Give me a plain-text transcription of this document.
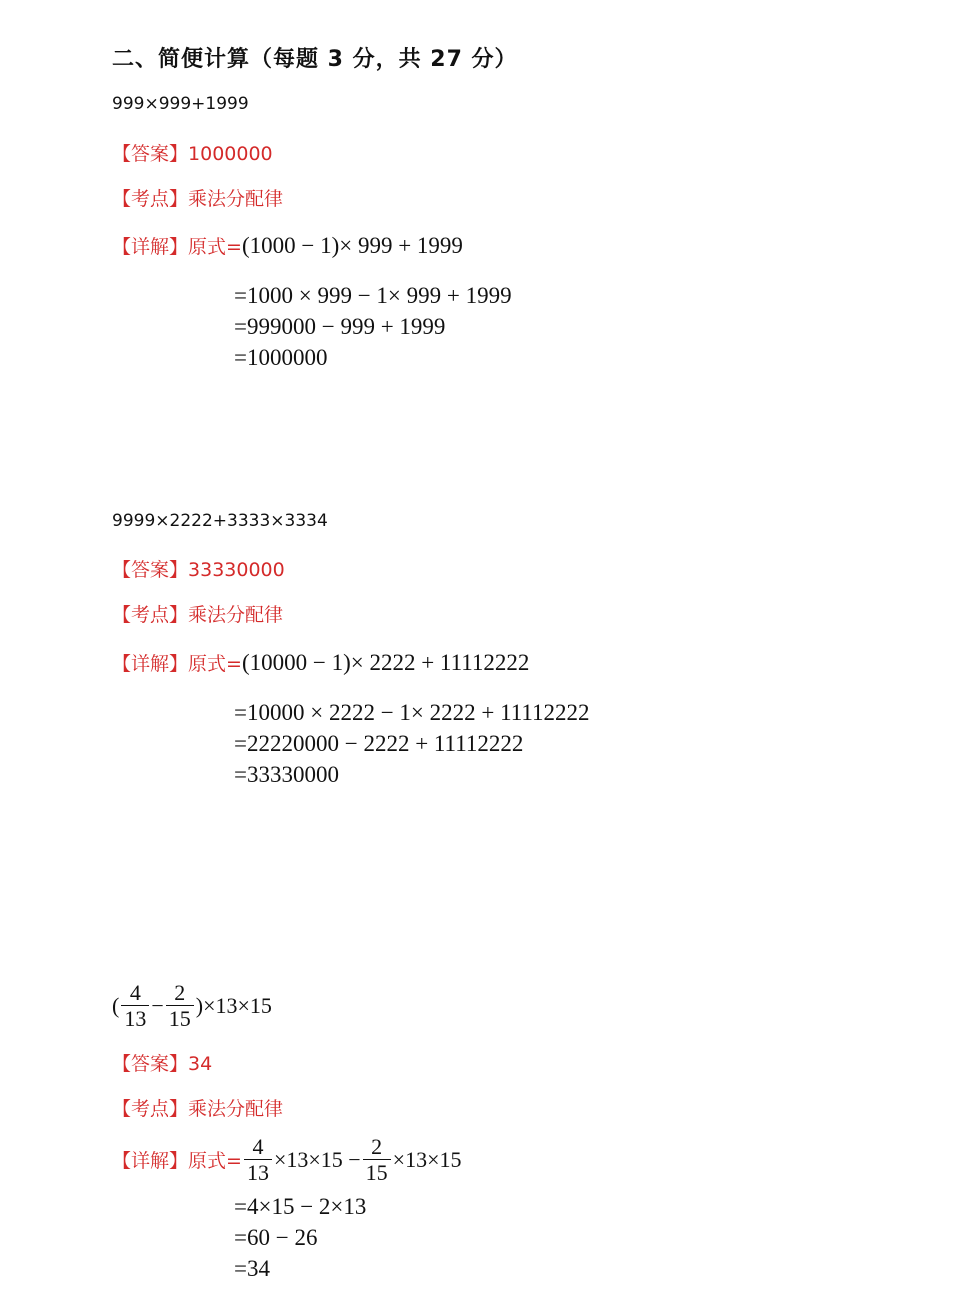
二、简便计算（每题 3 分，共 27 分）
999×999+1999
【答案】1000000
【考点】乘法分配律
【详解】原式=(1000 − 1)× 999 + 1999
=1000 × 999 − 1× 999 + 1999
=999000 − 999 + 1999
=1000000
9999×2222+3333×3334
【答案】33330000
【考点】乘法分配律
【详解】原式=(10000 − 1)× 2222 + 11112222
=10000 × 2222 − 1× 2222 + 11112222
=22220000 − 2222 + 11112222
=33330000
( $\frac{4}{13} - \frac{2}{15} )\times 13\times 15$
【答案】34
【考点】乘法分配律
【详解】原式= $\frac{4}{13} \times 13\times 15 - \frac{2}{15} \times 13\times 15$
=4×15 − 2×13
=60 − 26
=34
